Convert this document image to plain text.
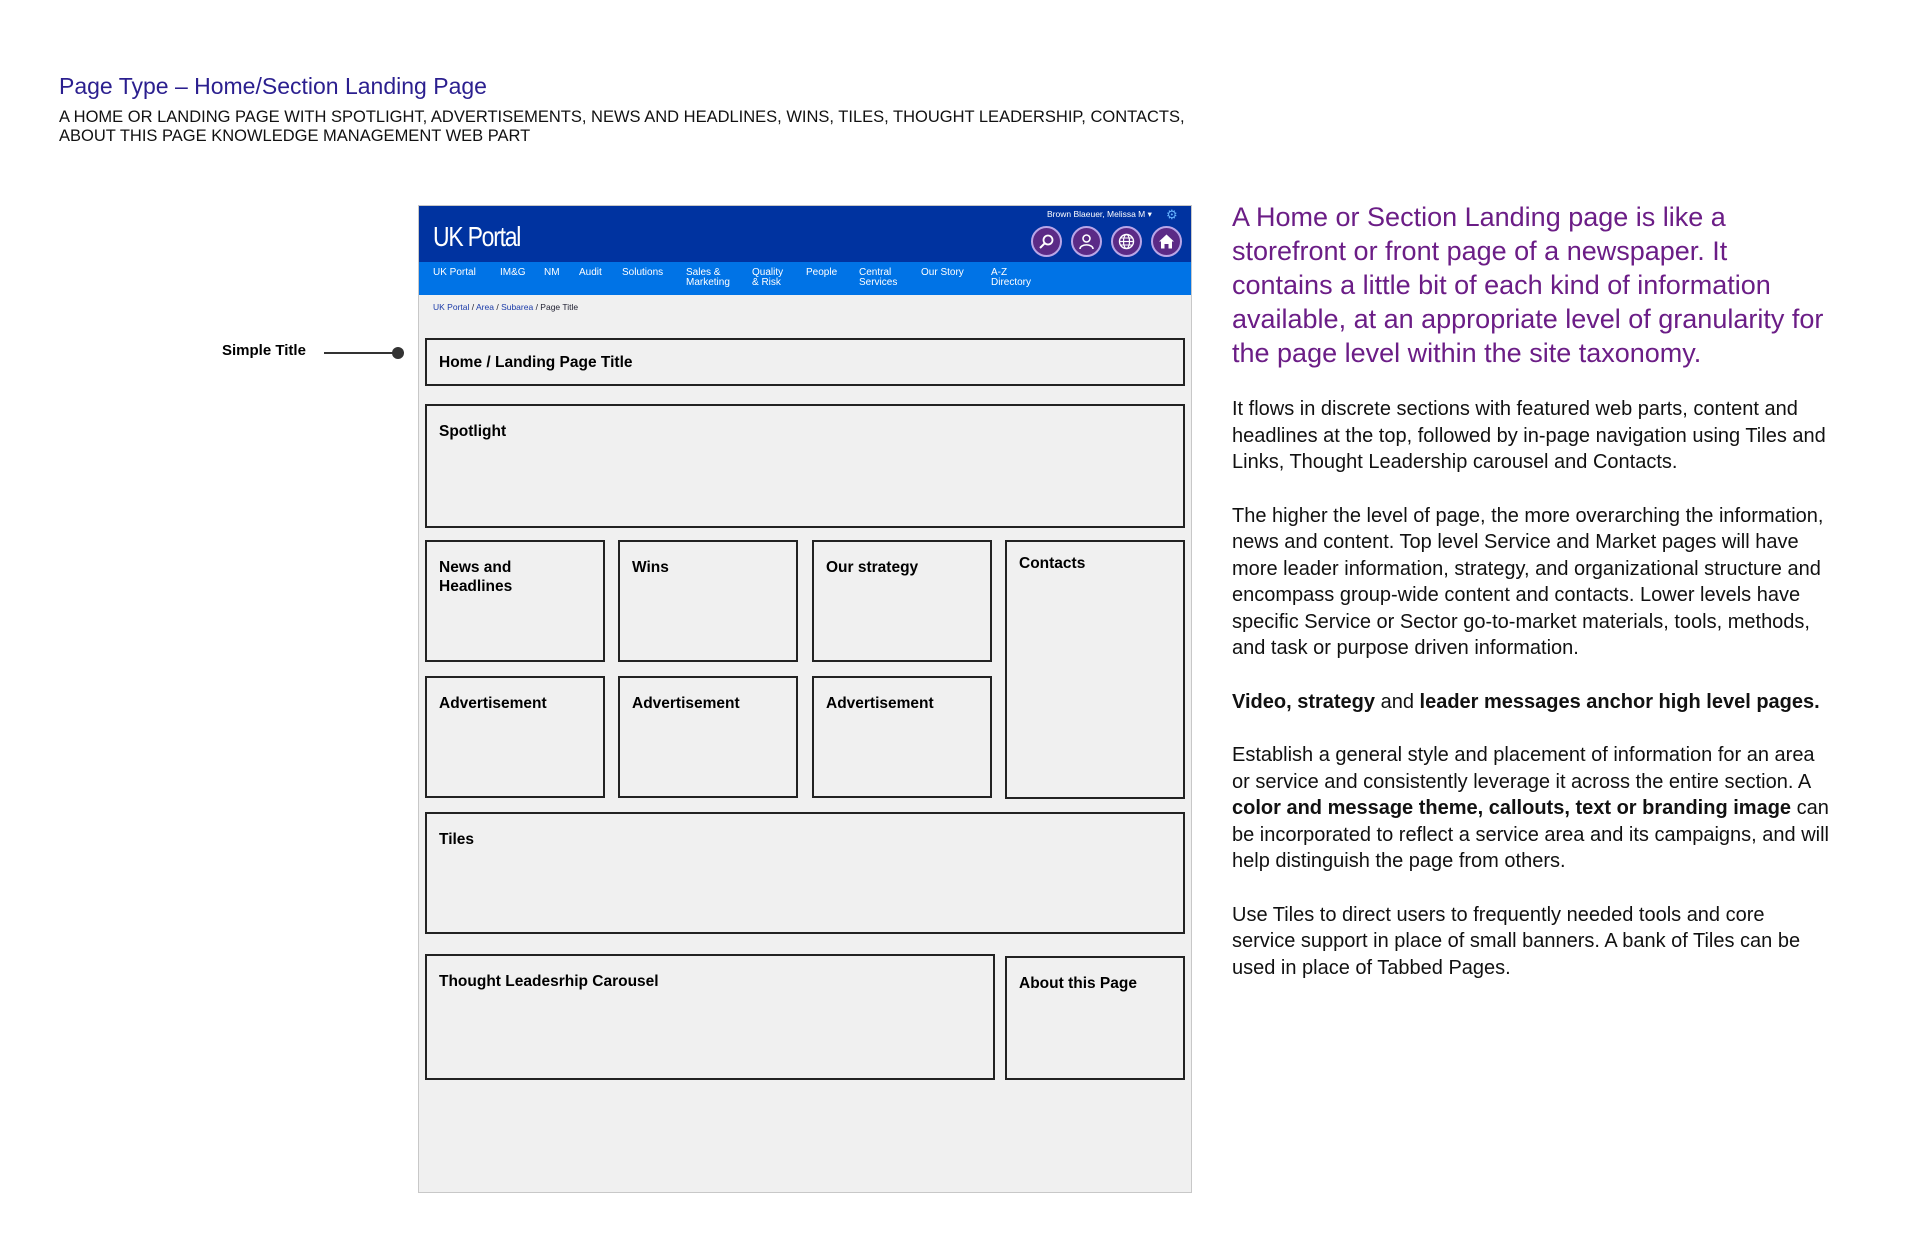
Page Type – Home/Section Landing Page
A HOME OR LANDING PAGE WITH SPOTLIGHT, ADVERTISEMENTS, NEWS AND HEADLINES, WINS, TILES, THOUGHT LEADERSHIP, CONTACTS, ABOUT THIS PAGE KNOWLEDGE MANAGEMENT WEB PART
Simple Title
UK Portal
Brown Blaeuer, Melissa M ▾ ⚙
UK Portal IM&G NM Audit Solutions Sales &
Marketing
Quality
& Risk
People Central
Services
Our Story	A-Z
Directory
UK Portal / Area / Subarea / Page Title
Home / Landing Page Title
Spotlight
News and
Headlines
Wins	Our strategy	Contacts
Advertisement	Advertisement	Advertisement
Tiles
Thought Leadesrhip Carousel	About this Page

A Home or Section Landing page is like a storefront or front page of a newspaper. It contains a little bit of each kind of information available, at an appropriate level of granularity for the page level within the site taxonomy.

It flows in discrete sections with featured web parts, content and headlines at the top, followed by in-page navigation using Tiles and Links, Thought Leadership carousel and Contacts.

The higher the level of page, the more overarching the information, news and content. Top level Service and Market pages will have more leader information, strategy, and organizational structure and encompass group-wide content and contacts. Lower levels have specific Service or Sector go-to-market materials, tools, methods, and task or purpose driven information.

Video, strategy and leader messages anchor high level pages.

Establish a general style and placement of information for an area or service and consistently leverage it across the entire section. A color and message theme, callouts, text or branding image can be incorporated to reflect a service area and its campaigns, and will help distinguish the page from others.

Use Tiles to direct users to frequently needed tools and core service support in place of small banners. A bank of Tiles can be used in place of Tabbed Pages.
